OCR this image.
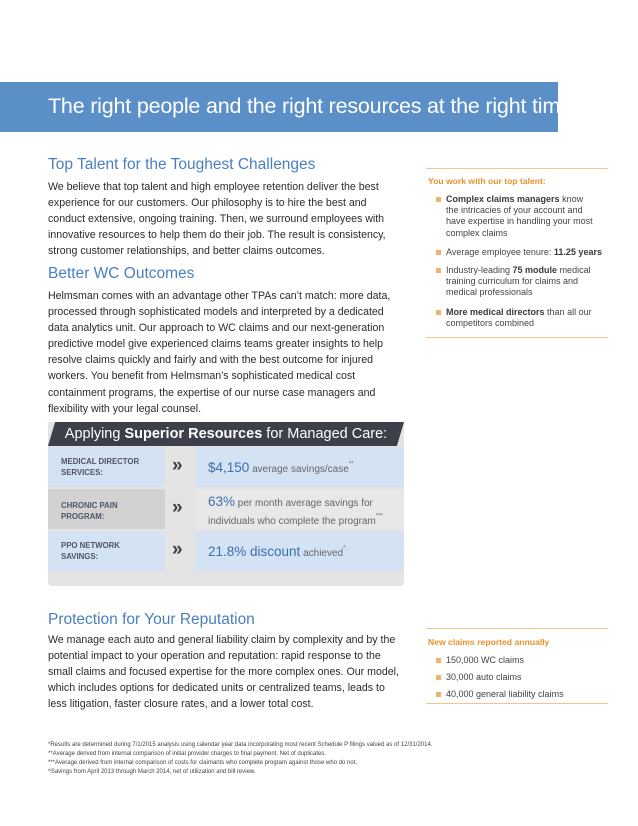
The right people and the right resources at the right time
Top Talent for the Toughest Challenges
We believe that top talent and high employee retention deliver the best
experience for our customers. Our philosophy is to hire the best and
conduct extensive, ongoing training. Then, we surround employees with
innovative resources to help them do their job. The result is consistency,
strong customer relationships, and better claims outcomes.
Better WC Outcomes
Helmsman comes with an advantage other TPAs can’t match: more data,
processed through sophisticated models and interpreted by a dedicated
data analytics unit. Our approach to WC claims and our next-generation
predictive model give experienced claims teams greater insights to help
resolve claims quickly and fairly and with the best outcome for injured
workers. You benefit from Helmsman’s sophisticated medical cost
containment programs, the expertise of our nurse case managers and
flexibility with your legal counsel.
You work with our top talent:
Complex claims managers know
the intricacies of your account and
have expertise in handling your most
complex claims
Average employee tenure: 11.25 years
Industry-leading 75 module medical
training curriculum for claims and
medical professionals
More medical directors than all our
competitors combined
Applying Superior Resources for Managed Care:
MEDICAL DIRECTOR
SERVICES:	» $4,150 average savings/case**
CHRONIC PAIN
PROGRAM:	» 63% per month average savings for
individuals who complete the program***
PPO NETWORK
SAVINGS:	» 21.8% discount achieved^
Protection for Your Reputation
We manage each auto and general liability claim by complexity and by the
potential impact to your operation and reputation: rapid response to the
small claims and focused expertise for the more complex ones. Our model,
which includes options for dedicated units or centralized teams, leads to
less litigation, faster closure rates, and a lower total cost.
New claims reported annually
150,000 WC claims
30,000 auto claims
40,000 general liability claims
*Results are determined during 7/1/2015 analysis using calendar year data incorporating most recent Schedule P filings valued as of 12/31/2014.
**Average derived from internal comparison of initial provider charges to final payment. Net of duplicates.
***Average derived from internal comparison of costs for claimants who complete program against those who do not.
^Savings from April 2013 through March 2014, net of utilization and bill review.
